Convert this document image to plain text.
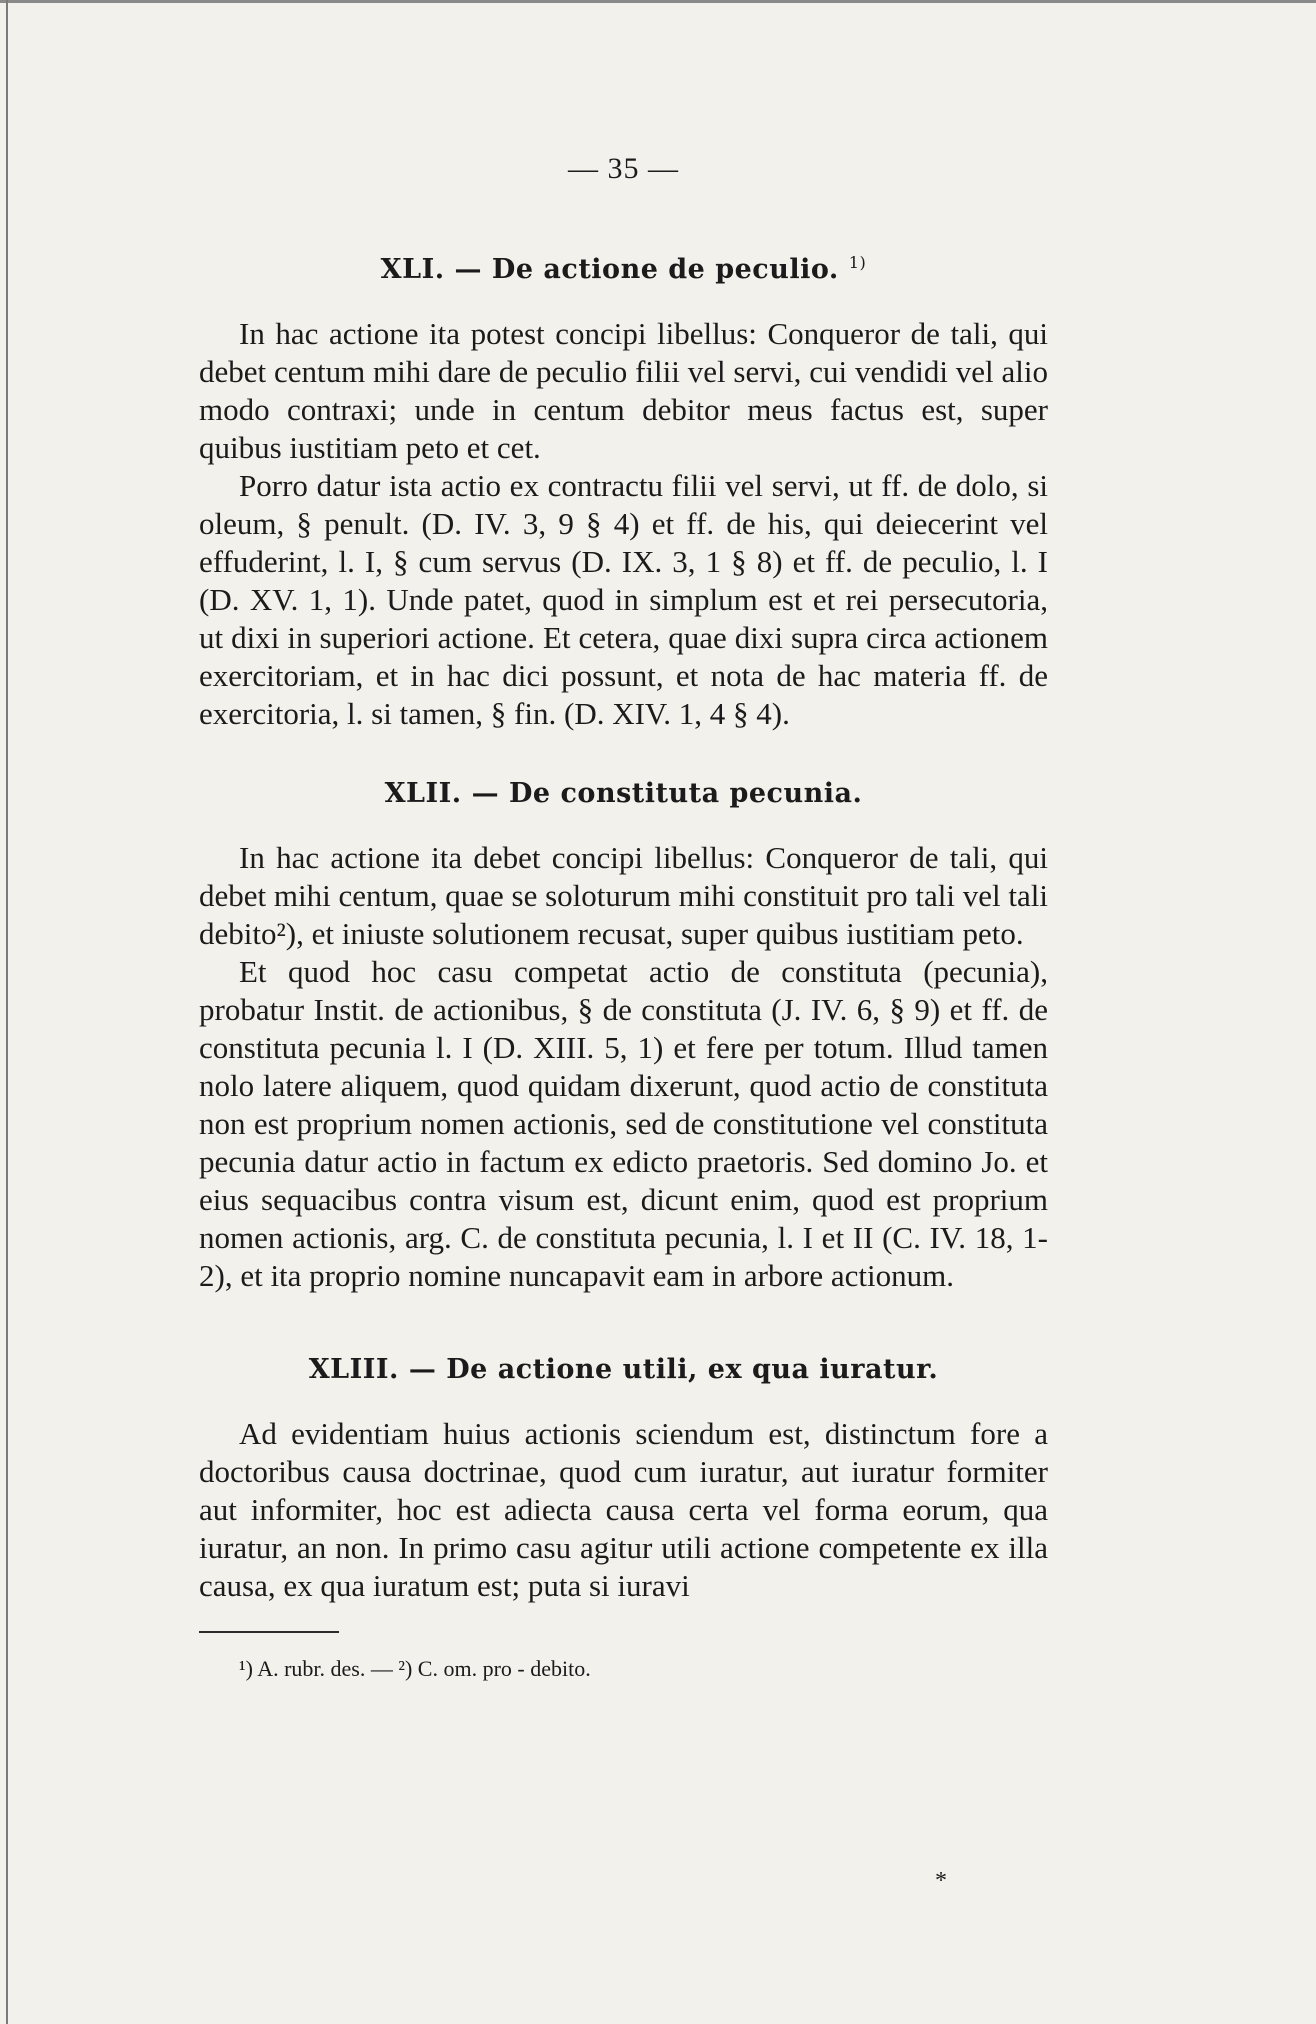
— 35 —
XLI. — De actione de peculio. $^{1)}$

In hac actione ita potest concipi libellus: Conqueror de tali, qui debet centum mihi dare de peculio filii vel servi, cui vendidi vel alio modo contraxi; unde in centum debitor meus factus est, super quibus iustitiam peto et cet.

Porro datur ista actio ex contractu filii vel servi, ut ff. de dolo, si oleum, § penult. (D. IV. 3, 9 § 4) et ff. de his, qui deiecerint vel effuderint, l. I, § cum servus (D. IX. 3, 1 § 8) et ff. de peculio, l. I (D. XV. 1, 1). Unde patet, quod in simplum est et rei persecutoria, ut dixi in superiori actione. Et cetera, quae dixi supra circa actionem exercitoriam, et in hac dici possunt, et nota de hac materia ff. de exercitoria, l. si tamen, § fin. (D. XIV. 1, 4 § 4).

XLII. — De constituta pecunia.

In hac actione ita debet concipi libellus: Conqueror de tali, qui debet mihi centum, quae se soloturum mihi constituit pro tali vel tali debito²), et iniuste solutionem recusat, super quibus iustitiam peto.

Et quod hoc casu competat actio de constituta (pecunia), probatur Instit. de actionibus, § de constituta (J. IV. 6, § 9) et ff. de constituta pecunia l. I (D. XIII. 5, 1) et fere per totum. Illud tamen nolo latere aliquem, quod quidam dixerunt, quod actio de constituta non est proprium nomen actionis, sed de constitutione vel constituta pecunia datur actio in factum ex edicto praetoris. Sed domino Jo. et eius sequacibus contra visum est, dicunt enim, quod est proprium nomen actionis, arg. C. de constituta pecunia, l. I et II (C. IV. 18, 1-2), et ita proprio nomine nuncapavit eam in arbore actionum.

XLIII. — De actione utili, ex qua iuratur.

Ad evidentiam huius actionis sciendum est, distinctum fore a doctoribus causa doctrinae, quod cum iuratur, aut iuratur formiter aut informiter, hoc est adiecta causa certa vel forma eorum, qua iuratur, an non. In primo casu agitur utili actione competente ex illa causa, ex qua iuratum est; puta si iuravi

¹) A. rubr. des. — ²) C. om. pro - debito.
*
